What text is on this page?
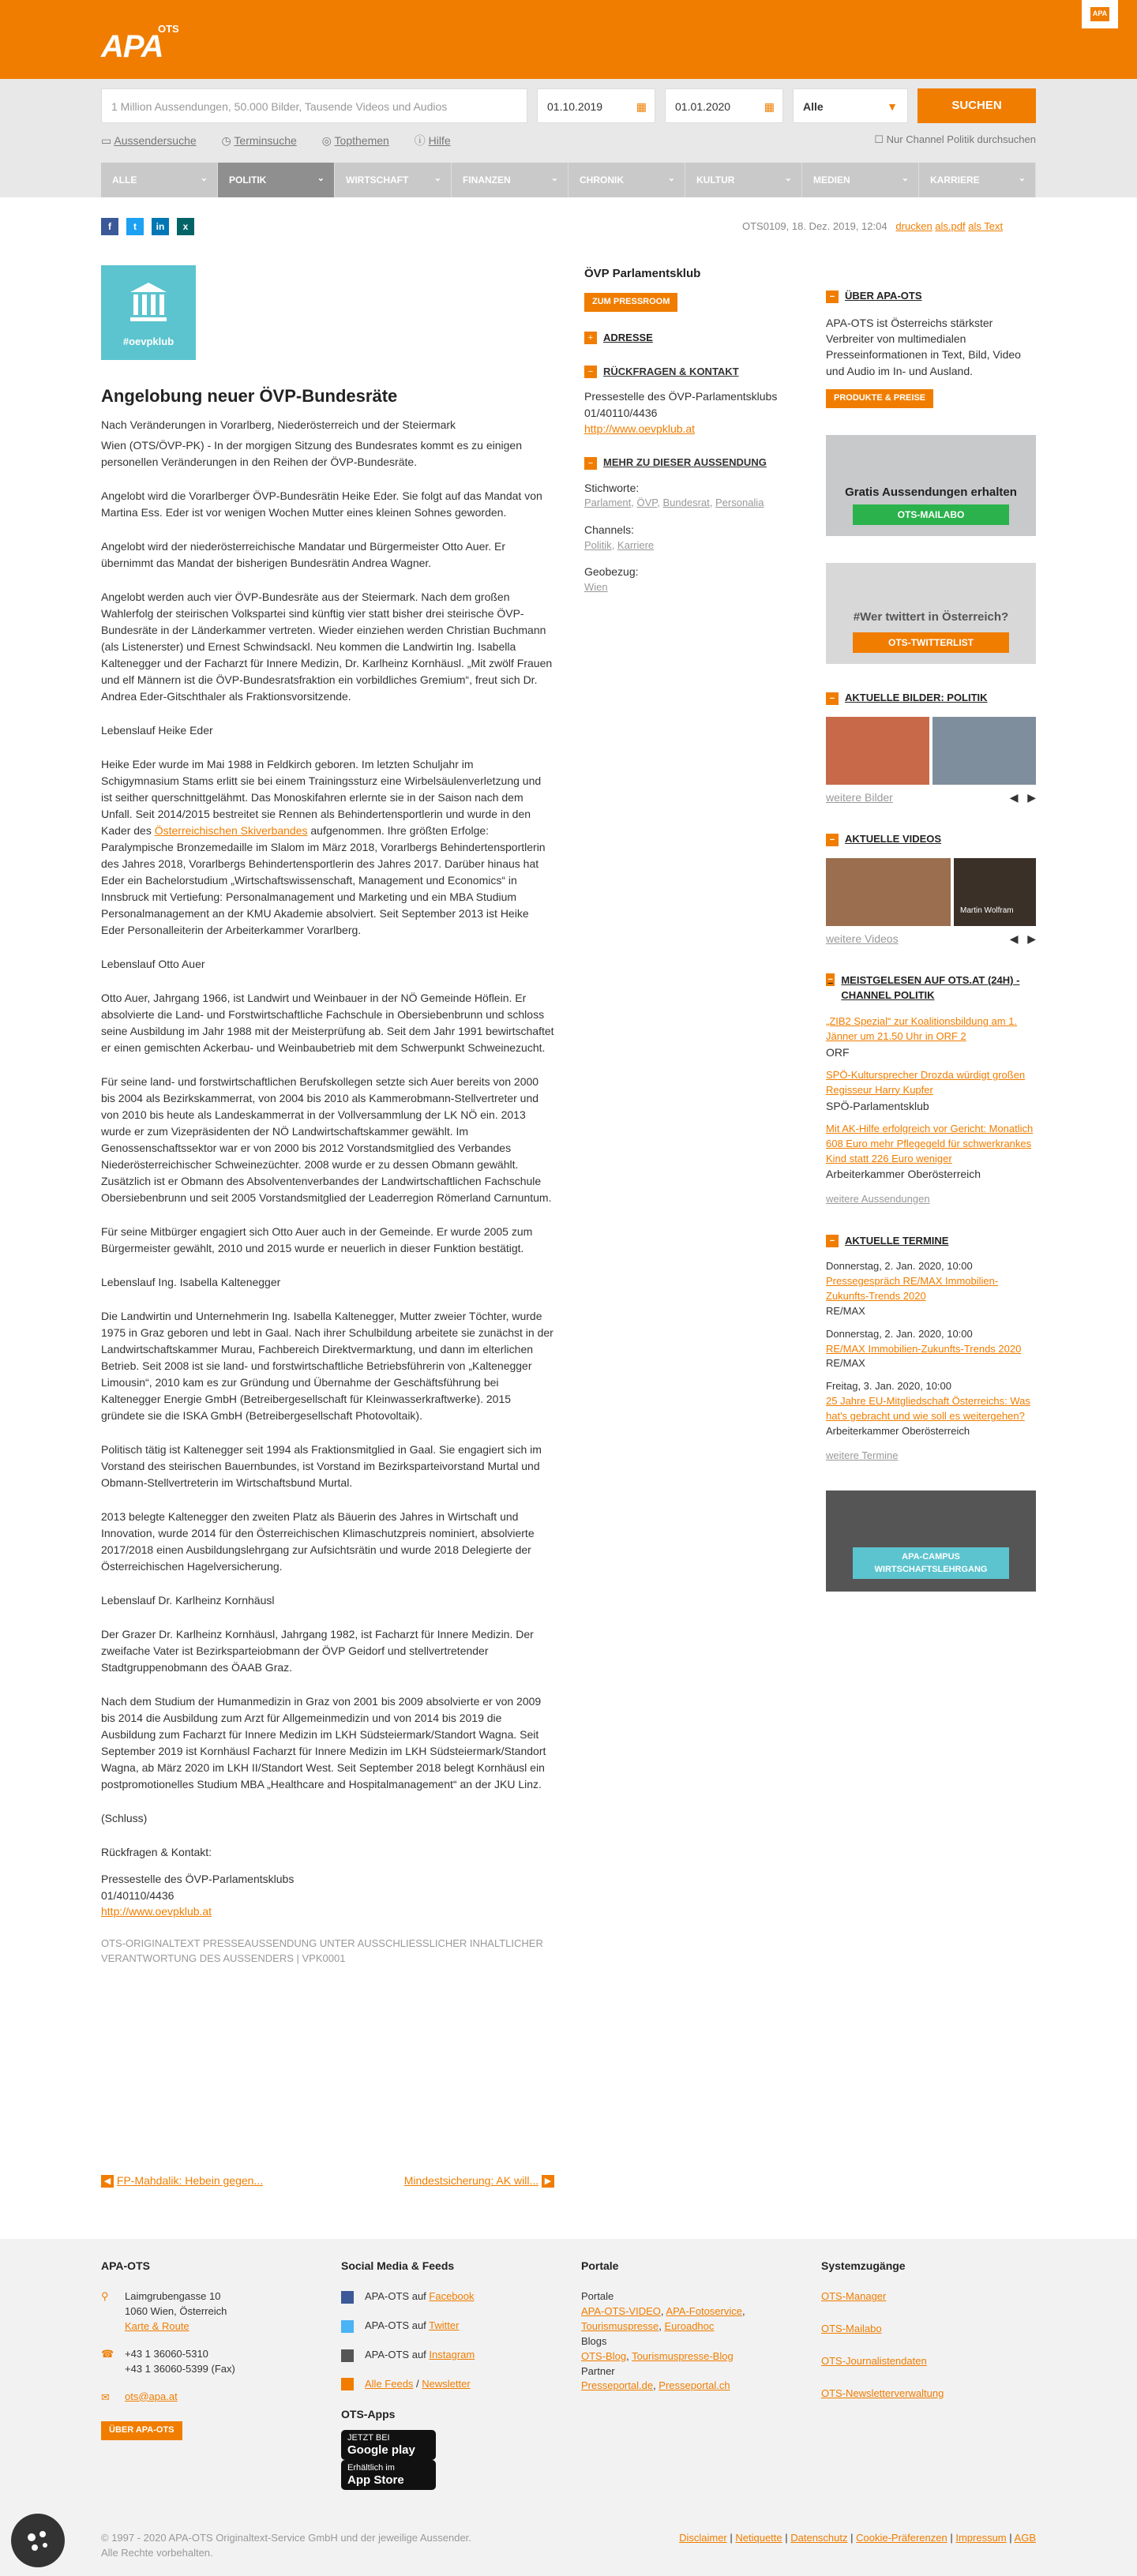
APA
OTS
APA
1 Million Aussendungen, 50.000 Bilder, Tausende Videos und Audios	01.10.2019	▦	01.01.2020	▦	Alle	▼	SUCHEN
▭ Aussendersuche ◷ Terminsuche ◎ Topthemen ⓘ Hilfe	☐ Nur Channel Politik durchsuchen
ALLE	⌄	POLITIK	⌄	WIRTSCHAFT	⌄	FINANZEN	⌄	CHRONIK	⌄	KULTUR	⌄	MEDIEN	⌄	KARRIERE	⌄
f	t	in	x	OTS0109, 18. Dez. 2019, 12:04 drucken als.pdf als Text
#oevpklub
Angelobung neuer ÖVP-Bundesräte
Nach Veränderungen in Vorarlberg, Niederösterreich und der Steiermark

Wien (OTS/ÖVP-PK) - In der morgigen Sitzung des Bundesrates kommt es zu einigen personellen Veränderungen in den Reihen der ÖVP-Bundesräte.

Angelobt wird die Vorarlberger ÖVP-Bundesrätin Heike Eder. Sie folgt auf das Mandat von Martina Ess. Eder ist vor wenigen Wochen Mutter eines kleinen Sohnes geworden.

Angelobt wird der niederösterreichische Mandatar und Bürgermeister Otto Auer. Er übernimmt das Mandat der bisherigen Bundesrätin Andrea Wagner.

Angelobt werden auch vier ÖVP-Bundesräte aus der Steiermark. Nach dem großen Wahlerfolg der steirischen Volkspartei sind künftig vier statt bisher drei steirische ÖVP-Bundesräte in der Länderkammer vertreten. Wieder einziehen werden Christian Buchmann (als Listenerster) und Ernest Schwindsackl. Neu kommen die Landwirtin Ing. Isabella Kaltenegger und der Facharzt für Innere Medizin, Dr. Karlheinz Kornhäusl. „Mit zwölf Frauen und elf Männern ist die ÖVP-Bundesratsfraktion ein vorbildliches Gremium“, freut sich Dr. Andrea Eder-Gitschthaler als Fraktionsvorsitzende.

Lebenslauf Heike Eder

Heike Eder wurde im Mai 1988 in Feldkirch geboren. Im letzten Schuljahr im Schigymnasium Stams erlitt sie bei einem Trainingssturz eine Wirbelsäulenverletzung und ist seither querschnittgelähmt. Das Monoskifahren erlernte sie in der Saison nach dem Unfall. Seit 2014/2015 bestreitet sie Rennen als Behindertensportlerin und wurde in den Kader des Österreichischen Skiverbandes aufgenommen. Ihre größten Erfolge: Paralympische Bronzemedaille im Slalom im März 2018, Vorarlbergs Behindertensportlerin des Jahres 2018, Vorarlbergs Behindertensportlerin des Jahres 2017. Darüber hinaus hat Eder ein Bachelorstudium „Wirtschaftswissenschaft, Management und Economics“ in Innsbruck mit Vertiefung: Personalmanagement und Marketing und ein MBA Studium Personalmanagement an der KMU Akademie absolviert. Seit September 2013 ist Heike Eder Personalleiterin der Arbeiterkammer Vorarlberg.

Lebenslauf Otto Auer

Otto Auer, Jahrgang 1966, ist Landwirt und Weinbauer in der NÖ Gemeinde Höflein. Er absolvierte die Land- und Forstwirtschaftliche Fachschule in Obersiebenbrunn und schloss seine Ausbildung im Jahr 1988 mit der Meisterprüfung ab. Seit dem Jahr 1991 bewirtschaftet er einen gemischten Ackerbau- und Weinbaubetrieb mit dem Schwerpunkt Schweinezucht.

Für seine land- und forstwirtschaftlichen Berufskollegen setzte sich Auer bereits von 2000 bis 2004 als Bezirkskammerrat, von 2004 bis 2010 als Kammerobmann-Stellvertreter und von 2010 bis heute als Landeskammerrat in der Vollversammlung der LK NÖ ein. 2013 wurde er zum Vizepräsidenten der NÖ Landwirtschaftskammer gewählt. Im Genossenschaftssektor war er von 2000 bis 2012 Vorstandsmitglied des Verbandes Niederösterreichischer Schweinezüchter. 2008 wurde er zu dessen Obmann gewählt. Zusätzlich ist er Obmann des Absolventenverbandes der Landwirtschaftlichen Fachschule Obersiebenbrunn und seit 2005 Vorstandsmitglied der Leaderregion Römerland Carnuntum.

Für seine Mitbürger engagiert sich Otto Auer auch in der Gemeinde. Er wurde 2005 zum Bürgermeister gewählt, 2010 und 2015 wurde er neuerlich in dieser Funktion bestätigt.

Lebenslauf Ing. Isabella Kaltenegger

Die Landwirtin und Unternehmerin Ing. Isabella Kaltenegger, Mutter zweier Töchter, wurde 1975 in Graz geboren und lebt in Gaal. Nach ihrer Schulbildung arbeitete sie zunächst in der Landwirtschaftskammer Murau, Fachbereich Direktvermarktung, und dann im elterlichen Betrieb. Seit 2008 ist sie land- und forstwirtschaftliche Betriebsführerin von „Kaltenegger Limousin“, 2010 kam es zur Gründung und Übernahme der Geschäftsführung bei Kaltenegger Energie GmbH (Betreibergesellschaft für Kleinwasserkraftwerke). 2015 gründete sie die ISKA GmbH (Betreibergesellschaft Photovoltaik).

Politisch tätig ist Kaltenegger seit 1994 als Fraktionsmitglied in Gaal. Sie engagiert sich im Vorstand des steirischen Bauernbundes, ist Vorstand im Bezirksparteivorstand Murtal und Obmann-Stellvertreterin im Wirtschaftsbund Murtal.

2013 belegte Kaltenegger den zweiten Platz als Bäuerin des Jahres in Wirtschaft und Innovation, wurde 2014 für den Österreichischen Klimaschutzpreis nominiert, absolvierte 2017/2018 einen Ausbildungslehrgang zur Aufsichtsrätin und wurde 2018 Delegierte der Österreichischen Hagelversicherung.

Lebenslauf Dr. Karlheinz Kornhäusl

Der Grazer Dr. Karlheinz Kornhäusl, Jahrgang 1982, ist Facharzt für Innere Medizin. Der zweifache Vater ist Bezirksparteiobmann der ÖVP Geidorf und stellvertretender Stadtgruppenobmann des ÖAAB Graz.

Nach dem Studium der Humanmedizin in Graz von 2001 bis 2009 absolvierte er von 2009 bis 2014 die Ausbildung zum Arzt für Allgemeinmedizin und von 2014 bis 2019 die Ausbildung zum Facharzt für Innere Medizin im LKH Südsteiermark/Standort Wagna. Seit September 2019 ist Kornhäusl Facharzt für Innere Medizin im LKH Südsteiermark/Standort Wagna, ab März 2020 im LKH II/Standort West. Seit September 2018 belegt Kornhäusl ein postpromotionelles Studium MBA „Healthcare and Hospitalmanagement“ an der JKU Linz.

(Schluss)

Rückfragen & Kontakt:
Pressestelle des ÖVP-Parlamentsklubs
01/40110/4436
http://www.oevpklub.at
OTS-ORIGINALTEXT PRESSEAUSSENDUNG UNTER AUSSCHLIESSLICHER INHALTLICHER VERANTWORTUNG DES AUSSENDERS | VPK0001
◀ FP-Mahdalik: Hebein gegen...	Mindestsicherung: AK will... ▶
ÖVP Parlamentsklub
ZUM PRESSROOM
+ ADRESSE
− RÜCKFRAGEN & KONTAKT
Pressestelle des ÖVP-Parlamentsklubs
01/40110/4436
http://www.oevpklub.at
− MEHR ZU DIESER AUSSENDUNG
Stichworte:
Parlament, ÖVP, Bundesrat, Personalia
Channels:
Politik, Karriere
Geobezug:
Wien
− ÜBER APA-OTS
APA-OTS ist Österreichs stärkster Verbreiter von multimedialen Presseinformationen in Text, Bild, Video und Audio im In- und Ausland.
PRODUKTE & PREISE
Gratis Aussendungen erhalten
OTS-MAILABO
#Wer twittert in Österreich?
OTS-TWITTERLIST
− AKTUELLE BILDER: POLITIK
weitere Bilder	◀ ▶
− AKTUELLE VIDEOS
Martin Wolfram
weitere Videos	◀ ▶
− MEISTGELESEN AUF OTS.AT (24H) - CHANNEL POLITIK
„ZIB2 Spezial“ zur Koalitionsbildung am 1. Jänner um 21.50 Uhr in ORF 2
ORF
SPÖ-Kultursprecher Drozda würdigt großen Regisseur Harry Kupfer
SPÖ-Parlamentsklub
Mit AK-Hilfe erfolgreich vor Gericht: Monatlich 608 Euro mehr Pflegegeld für schwerkrankes Kind statt 226 Euro weniger
Arbeiterkammer Oberösterreich
weitere Aussendungen
− AKTUELLE TERMINE
Donnerstag, 2. Jan. 2020, 10:00
Pressegespräch RE/MAX Immobilien-Zukunfts-Trends 2020
RE/MAX
Donnerstag, 2. Jan. 2020, 10:00
RE/MAX Immobilien-Zukunfts-Trends 2020
RE/MAX
Freitag, 3. Jan. 2020, 10:00
25 Jahre EU-Mitgliedschaft Österreichs: Was hat's gebracht und wie soll es weitergehen?
Arbeiterkammer Oberösterreich
weitere Termine
APA-CAMPUS WIRTSCHAFTSLEHRGANG
APA-OTS
⚲	Laimgrubengasse 10
1060 Wien, Österreich
Karte & Route
☎ +43 1 36060-5310
+43 1 36060-5399 (Fax)
✉ ots@apa.at
ÜBER APA-OTS
Social Media & Feeds
APA-OTS auf Facebook
APA-OTS auf Twitter
APA-OTS auf Instagram
Alle Feeds / Newsletter
OTS-Apps
JETZT BEI
Google play
Erhältlich im
App Store
Portale
Portale
APA-OTS-VIDEO, APA-Fotoservice,
Tourismuspresse, Euroadhoc
Blogs
OTS-Blog, Tourismuspresse-Blog
Partner
Presseportal.de, Presseportal.ch
Systemzugänge
OTS-Manager
OTS-Mailabo
OTS-Journalistendaten
OTS-Newsletterverwaltung
© 1997 - 2020 APA-OTS Originaltext-Service GmbH und der jeweilige Aussender.
Alle Rechte vorbehalten.
Disclaimer | Netiquette | Datenschutz | Cookie-Präferenzen | Impressum | AGB
